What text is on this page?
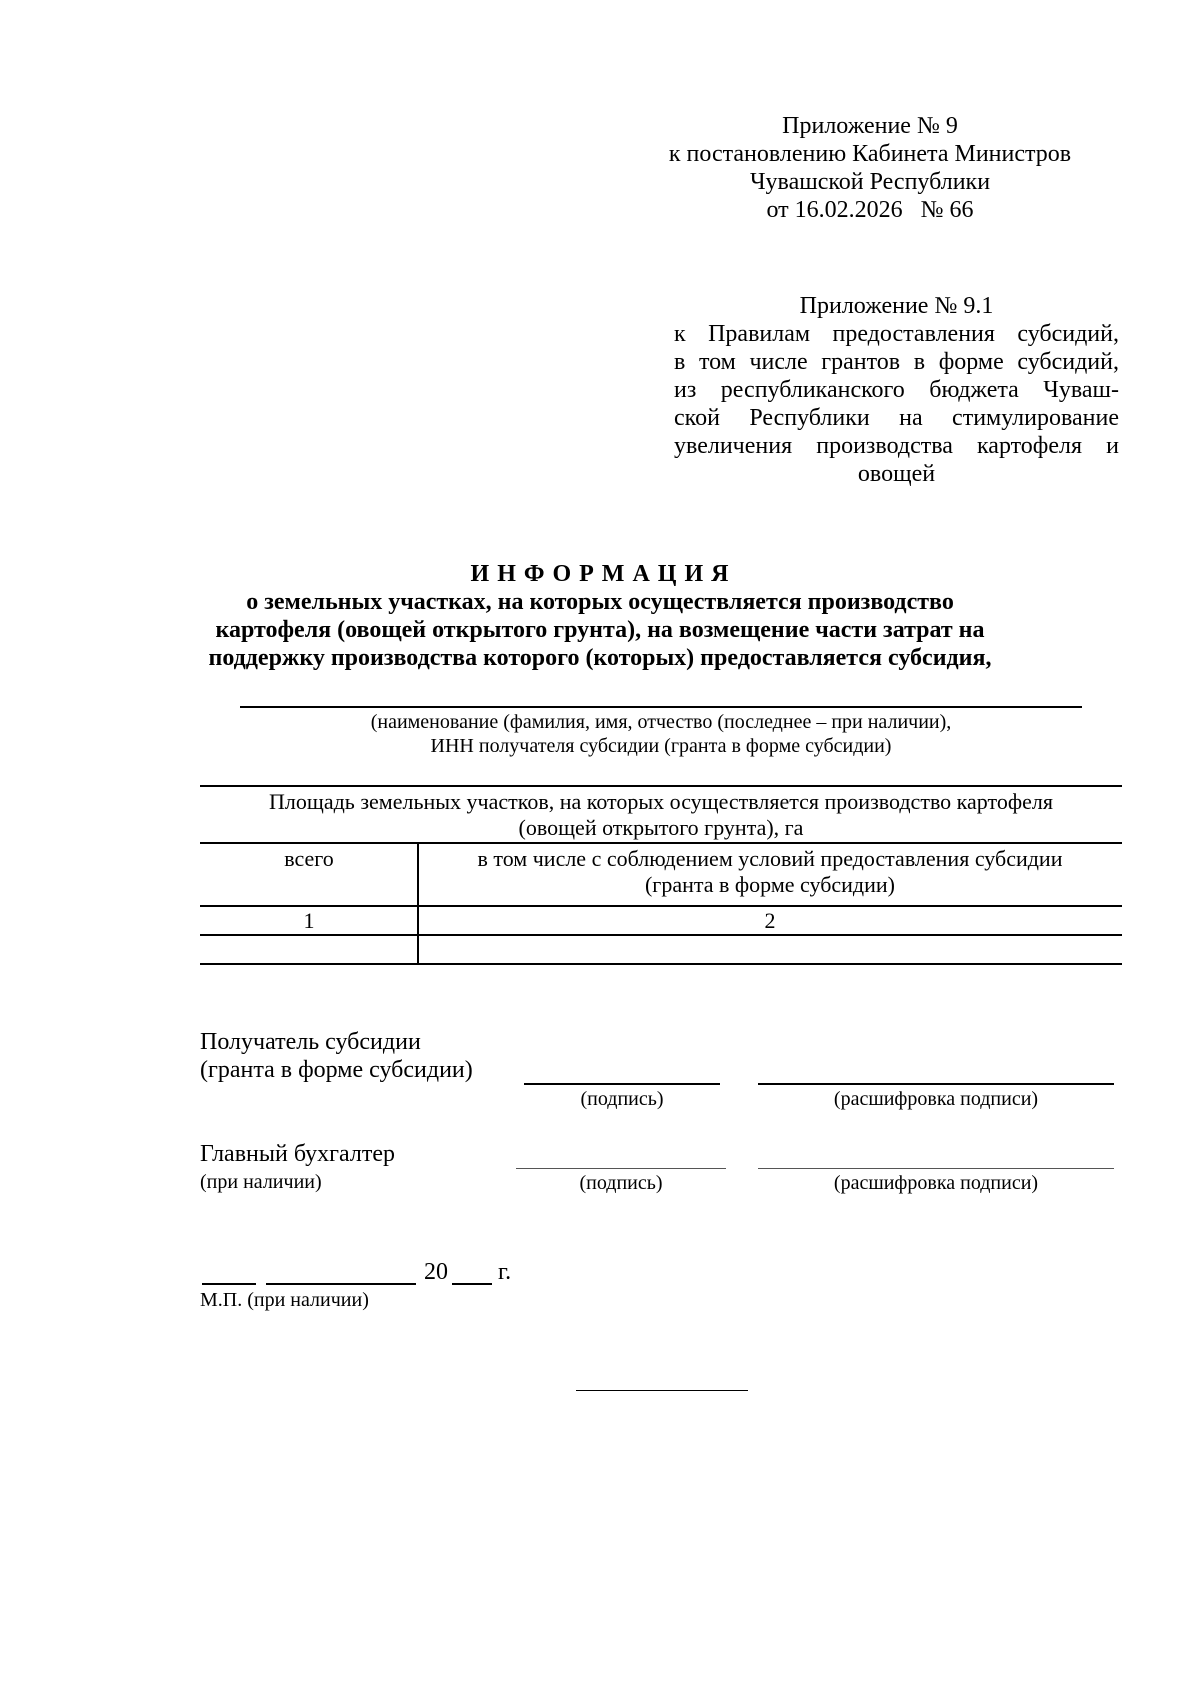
Приложение № 9
к постановлению Кабинета Министров
Чувашской Республики
от 16.02.2026   № 66
Приложение № 9.1
к Правилам предоставления субсидий,
в том числе грантов в форме субсидий,
из республиканского бюджета Чуваш-
ской Республики на стимулирование
увеличения производства картофеля и
овощей
И Н Ф О Р М А Ц И Я
о земельных участках, на которых осуществляется производство
картофеля (овощей открытого грунта), на возмещение части затрат на
поддержку производства которого (которых) предоставляется субсидия,
(наименование (фамилия, имя, отчество (последнее – при наличии),
ИНН получателя субсидии (гранта в форме субсидии)
Площадь земельных участков, на которых осуществляется производство картофеля
(овощей открытого грунта), га
всего	в том числе с соблюдением условий предоставления субсидии
(гранта в форме субсидии)
1	2
Получатель субсидии
(гранта в форме субсидии)
(подпись)	(расшифровка подписи)
Главный бухгалтер
(при наличии)	(подпись)	(расшифровка подписи)
20 г.
М.П. (при наличии)
